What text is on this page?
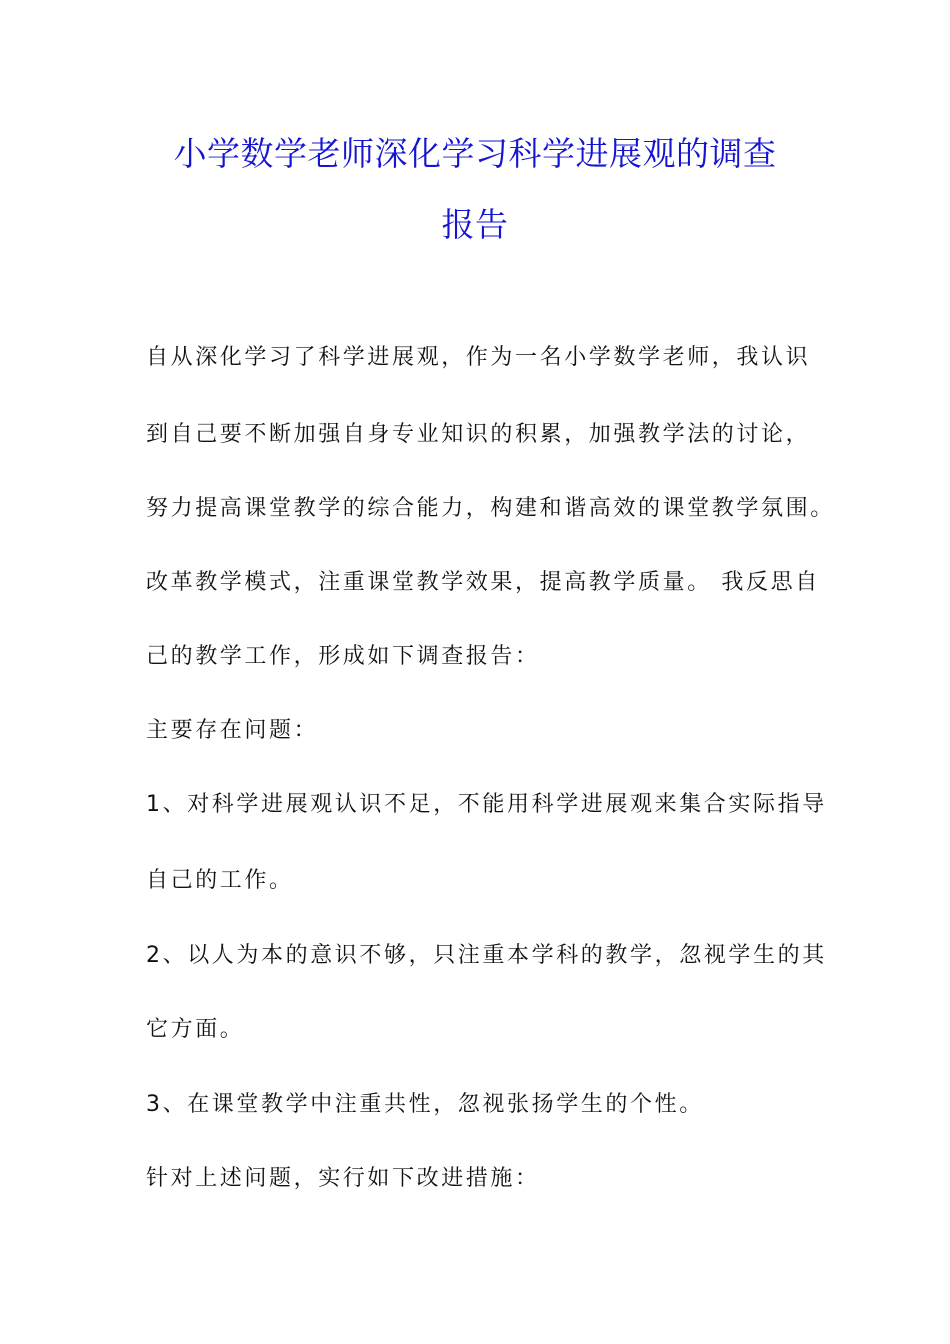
小学数学老师深化学习科学进展观的调查
报告
自从深化学习了科学进展观，作为一名小学数学老师，我认识
到自己要不断加强自身专业知识的积累，加强教学法的讨论，
努力提高课堂教学的综合能力，构建和谐高效的课堂教学氛围。
改革教学模式，注重课堂教学效果，提高教学质量。 我反思自
己的教学工作，形成如下调查报告：
主要存在问题：
1、对科学进展观认识不足，不能用科学进展观来集合实际指导
自己的工作。
2、以人为本的意识不够，只注重本学科的教学，忽视学生的其
它方面。
3、在课堂教学中注重共性，忽视张扬学生的个性。
针对上述问题，实行如下改进措施：
